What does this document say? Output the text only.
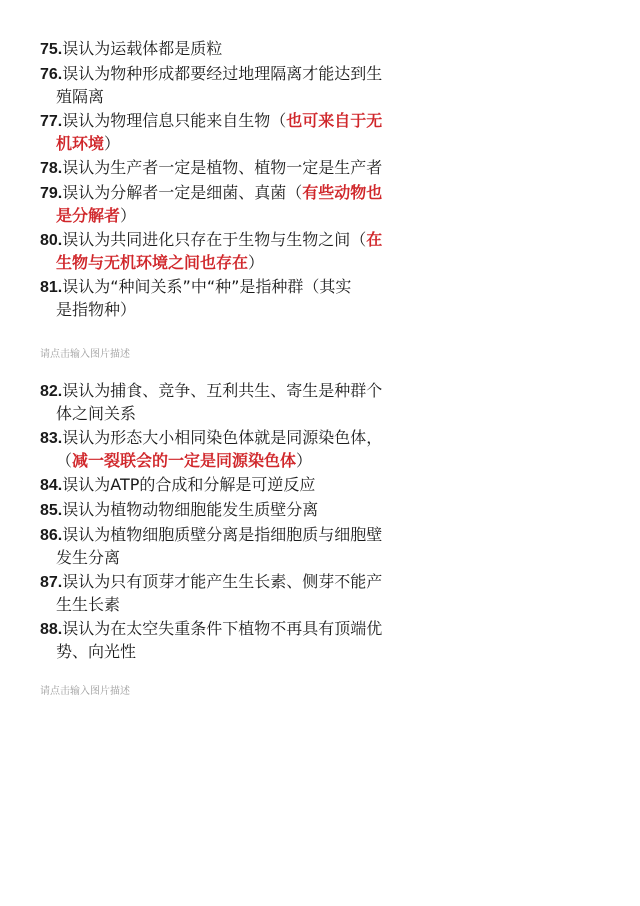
75.误认为运载体都是质粒

76.误认为物种形成都要经过地理隔离才能达到生
殖隔离

77.误认为物理信息只能来自生物（也可来自于无
机环境）

78.误认为生产者一定是植物、植物一定是生产者

79.误认为分解者一定是细菌、真菌（有些动物也
是分解者）

80.误认为共同进化只存在于生物与生物之间（在
生物与无机环境之间也存在）

81.误认为“种间关系”中“种”是指种群（其实
是指物种）

请点击输入图片描述

82.误认为捕食、竞争、互利共生、寄生是种群个
体之间关系

83.误认为形态大小相同染色体就是同源染色体，
（减一裂联会的一定是同源染色体）

84.误认为ATP的合成和分解是可逆反应

85.误认为植物动物细胞能发生质壁分离

86.误认为植物细胞质壁分离是指细胞质与细胞壁
发生分离

87.误认为只有顶芽才能产生生长素、侧芽不能产
生生长素

88.误认为在太空失重条件下植物不再具有顶端优
势、向光性

请点击输入图片描述
